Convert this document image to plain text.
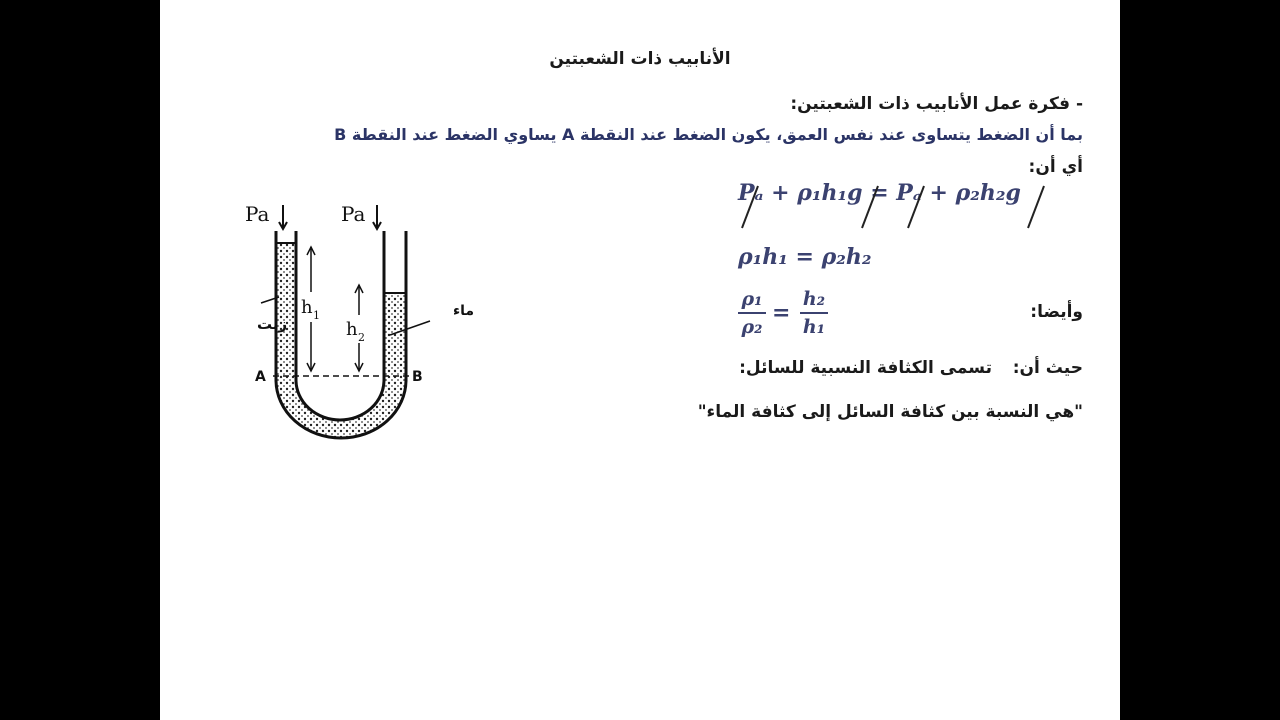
الأنابيب ذات الشعبتين
- فكرة عمل الأنابيب ذات الشعبتين:
بما أن الضغط يتساوى عند نفس العمق، يكون الضغط عند النقطة A يساوي الضغط عند النقطة B
أي أن:
Pₐ + ρ₁h₁g = Pₐ + ρ₂h₂g
ρ₁h₁ = ρ₂h₂
ρ₁
ρ₂
=
h₂
h₁
وأيضا:
حيث أن:
تسمى الكثافة النسبية للسائل:
"هي النسبة بين كثافة السائل إلى كثافة الماء"
Pa	Pa
h 1
h 2
زيت
ماء
A	B
